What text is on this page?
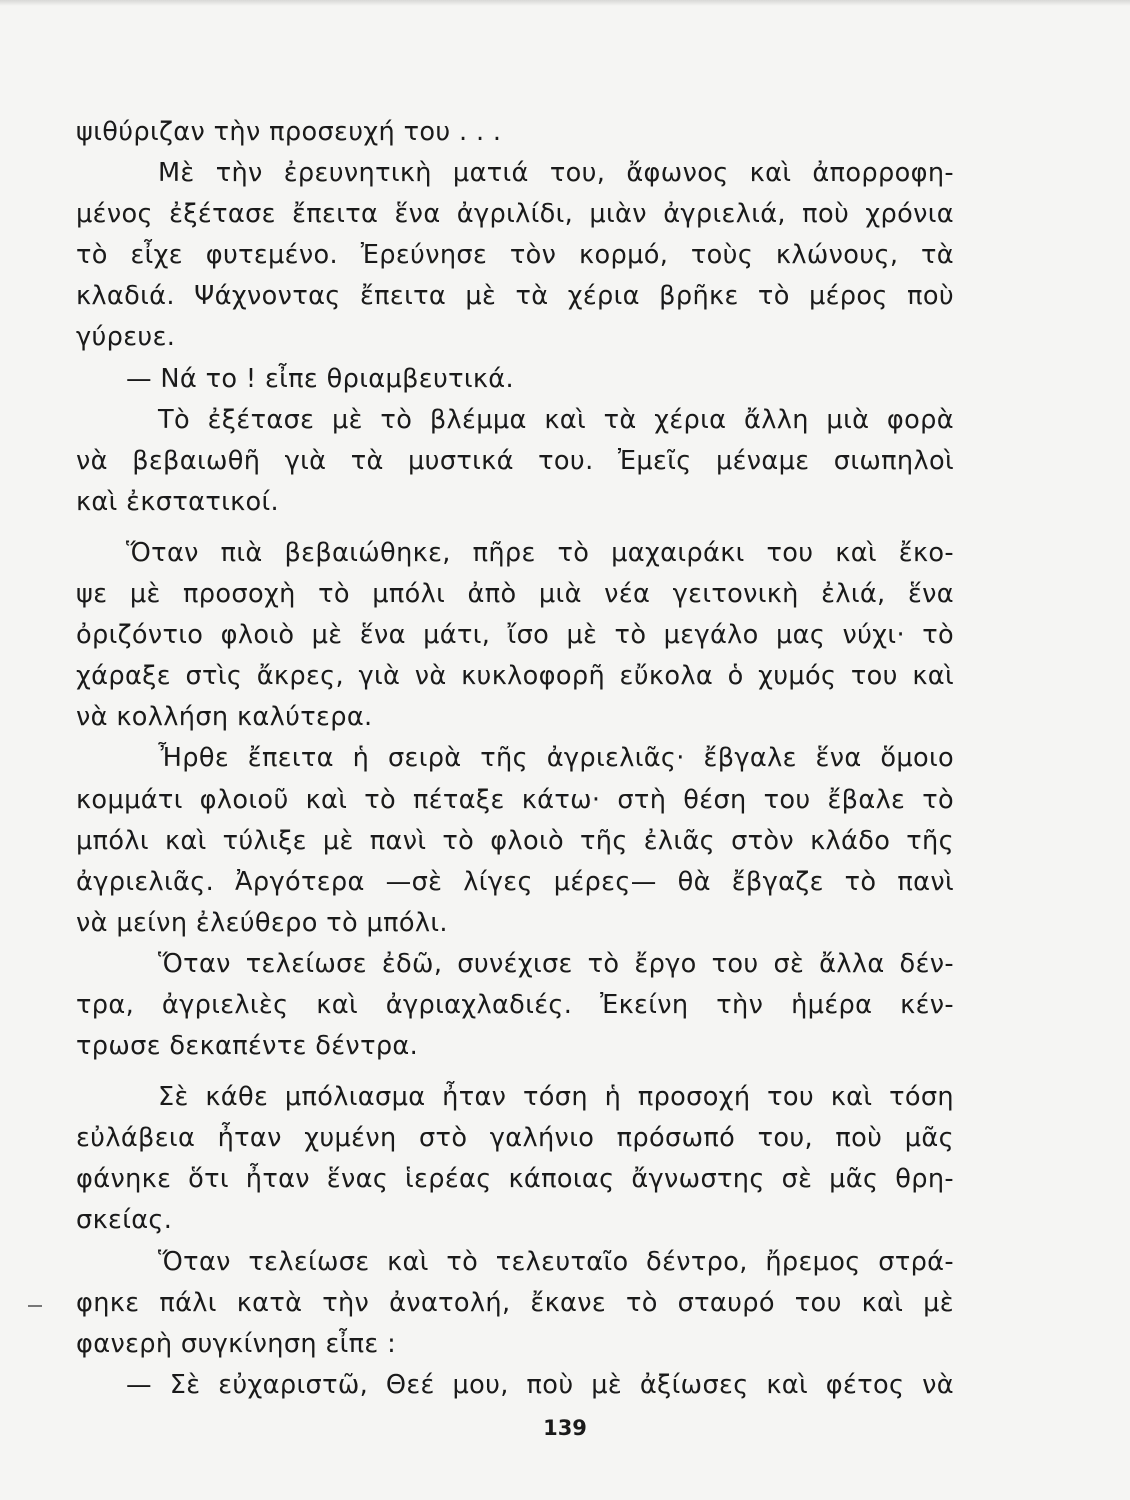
ψιθύριζαν τὴν προσευχή του . . .
Μὲ τὴν ἐρευνητικὴ ματιά του, ἄφωνος καὶ ἀπορροφη-
μένος ἐξέτασε ἔπειτα ἕνα ἀγριλίδι, μιὰν ἀγριελιά, ποὺ χρόνια
τὸ εἶχε φυτεμένο. Ἐρεύνησε τὸν κορμό, τοὺς κλώνους, τὰ
κλαδιά. Ψάχνοντας ἔπειτα μὲ τὰ χέρια βρῆκε τὸ μέρος ποὺ
γύρευε.
— Νά το ! εἶπε θριαμβευτικά.
Τὸ ἐξέτασε μὲ τὸ βλέμμα καὶ τὰ χέρια ἄλλη μιὰ φορὰ
νὰ βεβαιωθῆ γιὰ τὰ μυστικά του. Ἐμεῖς μέναμε σιωπηλοὶ
καὶ ἐκστατικοί.
Ὅταν πιὰ βεβαιώθηκε, πῆρε τὸ μαχαιράκι του καὶ ἔκο-
ψε μὲ προσοχὴ τὸ μπόλι ἀπὸ μιὰ νέα γειτονικὴ ἐλιά, ἕνα
ὀριζόντιο φλοιὸ μὲ ἕνα μάτι, ἴσο μὲ τὸ μεγάλο μας νύχι· τὸ
χάραξε στὶς ἄκρες, γιὰ νὰ κυκλοφορῆ εὔκολα ὁ χυμός του καὶ
νὰ κολλήση καλύτερα.
Ἦρθε ἔπειτα ἡ σειρὰ τῆς ἀγριελιᾶς· ἔβγαλε ἕνα ὅμοιο
κομμάτι φλοιοῦ καὶ τὸ πέταξε κάτω· στὴ θέση του ἔβαλε τὸ
μπόλι καὶ τύλιξε μὲ πανὶ τὸ φλοιὸ τῆς ἐλιᾶς στὸν κλάδο τῆς
ἀγριελιᾶς. Ἀργότερα —σὲ λίγες μέρες— θὰ ἔβγαζε τὸ πανὶ
νὰ μείνη ἐλεύθερο τὸ μπόλι.
Ὅταν τελείωσε ἐδῶ, συνέχισε τὸ ἔργο του σὲ ἄλλα δέν-
τρα, ἀγριελιὲς καὶ ἀγριαχλαδιές. Ἐκείνη τὴν ἡμέρα κέν-
τρωσε δεκαπέντε δέντρα.
Σὲ κάθε μπόλιασμα ἦταν τόση ἡ προσοχή του καὶ τόση
εὐλάβεια ἦταν χυμένη στὸ γαλήνιο πρόσωπό του, ποὺ μᾶς
φάνηκε ὅτι ἦταν ἕνας ἱερέας κάποιας ἄγνωστης σὲ μᾶς θρη-
σκείας.
Ὅταν τελείωσε καὶ τὸ τελευταῖο δέντρο, ἤρεμος στρά-
φηκε πάλι κατὰ τὴν ἀνατολή, ἔκανε τὸ σταυρό του καὶ μὲ
φανερὴ συγκίνηση εἶπε :
— Σὲ εὐχαριστῶ, Θεέ μου, ποὺ μὲ ἀξίωσες καὶ φέτος νὰ
139
